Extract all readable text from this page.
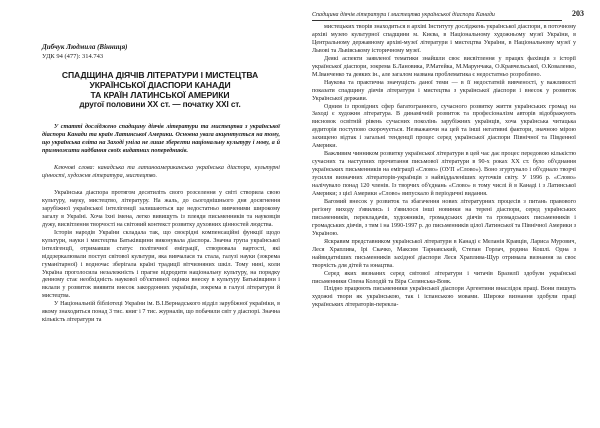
Дибчук Людмила (Вінниця)
УДК 94 (477): 314.743
СПАДЩИНА ДІЯЧІВ ЛІТЕРАТУРИ І МИСТЕЦТВА
УКРАЇНСЬКОЇ ДІАСПОРИ КАНАДИ
ТА КРАЇН ЛАТИНСЬКОЇ АМЕРИКИ
другої половини ХХ ст. — початку ХХІ ст.

У статті досліджено спадщину діячів літератури та мистецтва з української діаспори Канади та країн Латинської Америки. Основна увага акцентується на тому, що українська еліта на Заході уміла не лише зберегти національну культуру і мову, а й примножити надбання своїх видатних попередників.

Ключові слова: канадська та латиноамериканська українська діаспора, культурні цінності, художня література, мистецтво.

Українська діаспора протягом десятиліть свого розселення у світі створила свою культуру, науку, мистецтво, літературу. На жаль, до сьогоднішнього дня досягнення зарубіжної української інтелігенції залишаються ще недостатньо вивченими широкому загалу в Україні. Хоча їхні імена, легко вивищуть із плеяди письменників та науковців дужу, висвітлення творчості на світовий контекст розвитку духовних цінностей людства.

Історія народів України складала так, що своєрідні компенсаційні функції щодо культури, науки і мистецтва Батьківщини виконувала діаспора. Значна група української інтелігенції, отримавши статус політичної еміграції, створювала вартості, які віддзеркалювали поступ світової культури, яка вивчалася та стала, галузі науки (зокрема гуманітарної) і водночас зберігала країні традиції вітчизняних шкіл. Тому нині, коли Україна проголосила незалежність і прагне відродити національну культуру, на порядку денному стає необхідність наукової об'єктивної оцінки внеску в культуру Батьківщини і вклали у розвиток виявити внесок закордонних українців, зокрема в галузі літератури й мистецтва.

У Національній бібліотеці України ім. В.І.Вернадського відділ зарубіжної україніки, в якому знаходиться понад 3 тис. книг і 7 тис. журналів, що побачили світ у діаспорі. Значна кількість літератури та

Спадщина діячів літератури і мистецтва української діаспори Канади	203

мистецьких творів знаходиться в архіві Інституту досліджень української діаспори, в поточному архіві музею культурної спадщини м. Києва, в Національному художньому музеї України, в Центральному державному архіві-музеї літератури і мистецтва України, в Національному музеї у Львові та Львівському історичному музеї.

Деякі аспекти заявленої тематики знайшли своє висвітлення у працях фахівців з історії української діаспори, зокрема Б.Лановика, Р.Матейка, М.Марунчака, О.Кравчельської, О.Коваленко, М.Іванченко та деяких ін., але загалом названа проблематика є недостатньо розроблено.

Наукова та практична значущість даної теми — в її недостатній вивченості, у важливості показати спадщину діячів літератури і мистецтва з української діаспори і внесок у розвиток Української держави.

Одним із провідних сфер багатогранного, сучасного розвитку життя українських громад на Заході є художня література. В динамічній розвиток та професіоналізм авторів відображують висновок освітній рівень сучасних поколінь зарубіжних українців, хоча українська читацька аудиторія поступово скорочується. Незважаючи на цей та інші негативні фактори, значною мірою захищено відтак і загальні тенденції процес серед української діаспори Північної та Південної Америки.

Важливим чинником розвитку української літератури в цей час дає процес передовою кількістю сучасних та наступних прочитання письмової літератури в 90-х роках ХХ ст. було об'єднання українських письменників на еміграції «Слово» (ОУП «Слово»). Воно згуртувало і об'єднало творчі зусилля визначних літераторів-українців з найвіддаленіших куточків світу. У 1996 р. «Слово» налічувало понад 120 членів. Із творчих об'єднань «Слово» в тому числі й в Канаді і з Латинської Америки; з цієї Америки «Слово» випускало й періодичні видання.

Вагомий внесок у розвиток та збагачення нових літературних процесів з питань правового регіону виходу з'явились і з'явилося інші новинки на терені діаспори, серед українських письменників, перекладачів, художників, громадських діячів та громадських письменників і громадських діячів, з тим і на 1990-1997 р. до письменників цілої Латинської та Північної Америки з Україною.

Яскравим представником української літератури в Канаді є Меланія Кравців, Лариса Мурович, Леся Храплива, Ірі Скачко, Максим Тарнавський, Степан Горлач, родина Кошлі. Одна з найвидатніших письменників західної діаспори Леся Храплива-Щур отримала визнання за своє творчість для дітей та юнацтва.

Серед яких визнаних серед світової літератури і читачів Бразилії здобули українські письменники Олена Колодій та Віра Селянська-Вовк.

Плідно працюють письменники української діаспори Аргентини внаслідок праці. Вони пишуть художні твори як українською, так і іспанською мовами. Широке визнання здобули праці українських літераторів-перекла-
